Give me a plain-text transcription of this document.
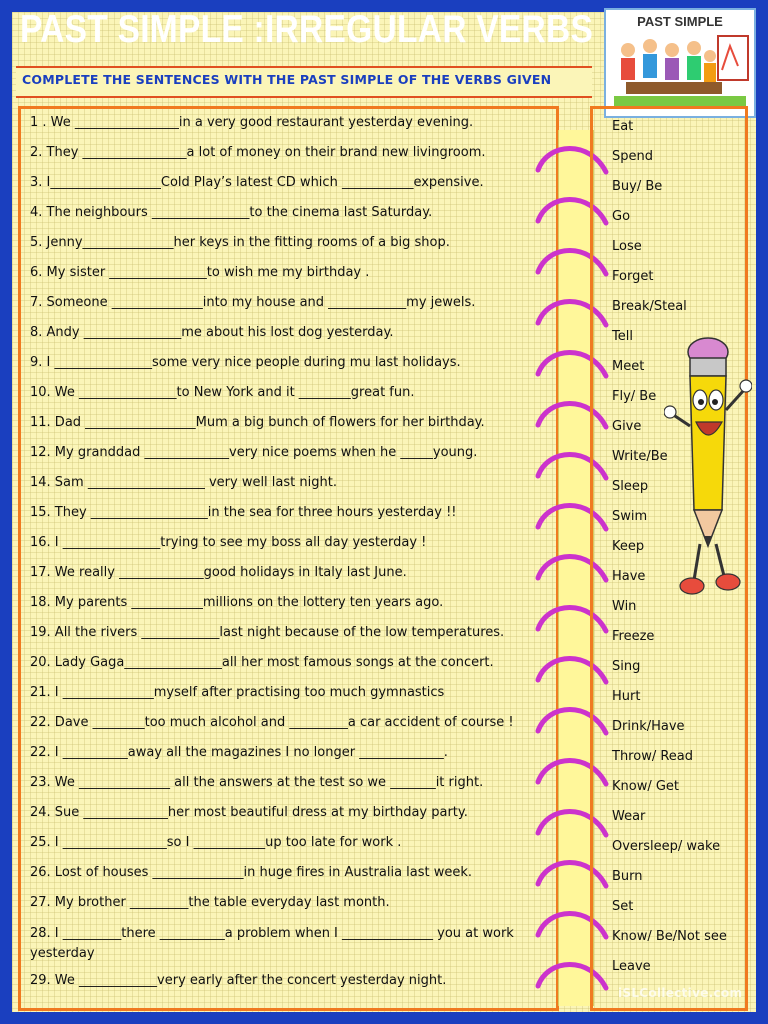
PAST SIMPLE :IRREGULAR VERBS
COMPLETE THE SENTENCES WITH THE PAST SIMPLE OF THE VERBS GIVEN
PAST SIMPLE
1 . We ________________in a very good restaurant yesterday evening.
2. They ________________a lot of money on their brand new livingroom.
3. I_________________Cold Play’s latest CD which ___________expensive.
4. The neighbours _______________to the cinema last Saturday.
5. Jenny______________her keys in the fitting rooms of a big shop.
6. My sister _______________to wish me my birthday .
7. Someone ______________into my house and ____________my jewels.
8. Andy _______________me about his lost dog yesterday.
9. I _______________some very nice people during mu last holidays.
10. We _______________to New York and it ________great fun.
11. Dad _________________Mum a big bunch of flowers for her birthday.
12. My granddad _____________very nice poems when he _____young.
14. Sam __________________ very well last night.
15. They __________________in the sea for three hours yesterday !!
16. I _______________trying to see my boss all day yesterday !
17. We really _____________good holidays in Italy last June.
18. My parents ___________millions on the lottery ten years ago.
19. All the rivers ____________last night because of the low temperatures.
20. Lady Gaga_______________all her most famous songs at the concert.
21. I ______________myself after practising too much gymnastics
22. Dave ________too much alcohol and _________a car accident of course !
22. I __________away all the magazines I no longer _____________.
23. We ______________ all the answers at the test so we _______it right.
24. Sue _____________her most beautiful dress at my birthday party.
25. I ________________so I ___________up too late for work .
26. Lost of houses ______________in huge fires in Australia last week.
27. My brother _________the table everyday last month.
28. I _________there __________a problem when I ______________ you at work yesterday
29. We ____________very early after the concert yesterday night.
Eat
Spend
Buy/ Be
Go
Lose
Forget
Break/Steal
Tell
Meet
Fly/ Be
Give
Write/Be
Sleep
Swim
Keep
Have
Win
Freeze
Sing
Hurt
Drink/Have
Throw/ Read
Know/ Get
Wear
Oversleep/ wake
Burn
Set
Know/ Be/Not see
Leave
iSLCollective.com
